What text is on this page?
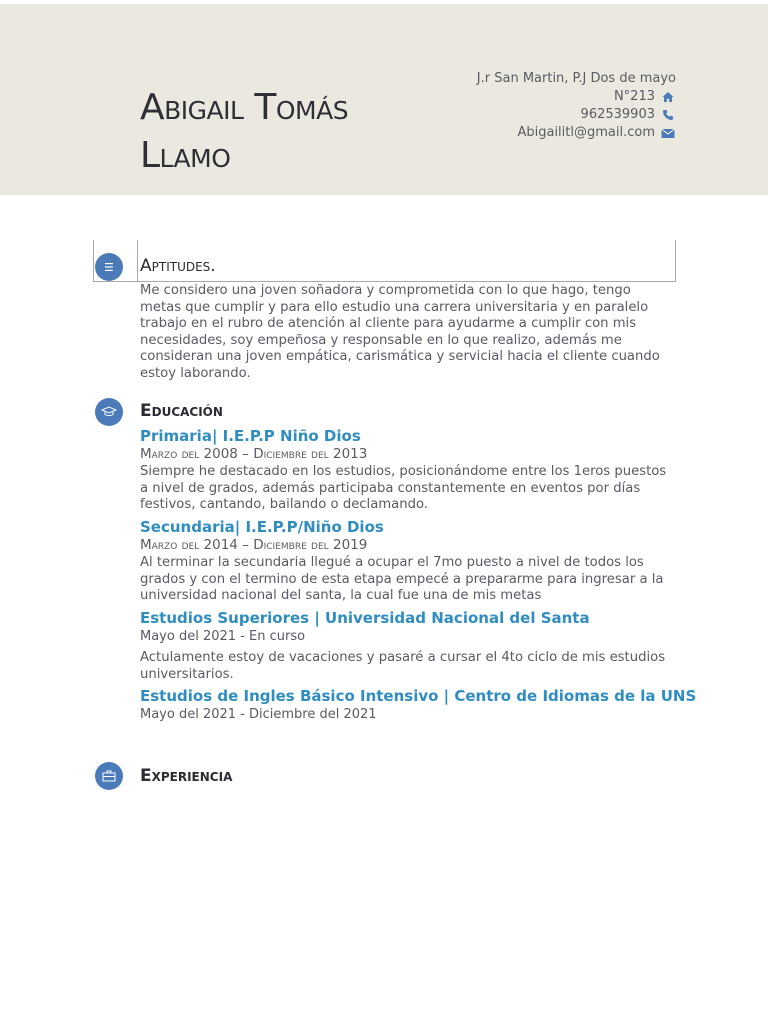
Abigail Tomás
Llamo
J.r San Martin, P.J Dos de mayo
N°213
962539903
Abigailitl@gmail.com
Aptitudes.

Me considero una joven soñadora y comprometida con lo que hago, tengo metas que cumplir y para ello estudio una carrera universitaria y en paralelo trabajo en el rubro de atención al cliente para ayudarme a cumplir con mis necesidades, soy empeñosa y responsable en lo que realizo, además me consideran una joven empática, carismática y servicial hacia el cliente cuando estoy laborando.

Educación
Primaria| I.E.P.P Niño Dios
Marzo del 2008 – Diciembre del 2013

Siempre he destacado en los estudios, posicionándome entre los 1eros puestos a nivel de grados, además participaba constantemente en eventos por días festivos, cantando, bailando o declamando.

Secundaria| I.E.P.P/Niño Dios
Marzo del 2014 – Diciembre del 2019

Al terminar la secundaria llegué a ocupar el 7mo puesto a nivel de todos los grados y con el termino de esta etapa empecé a prepararme para ingresar a la universidad nacional del santa, la cual fue una de mis metas

Estudios Superiores | Universidad Nacional del Santa
Mayo del 2021 - En curso

Actulamente estoy de vacaciones y pasaré a cursar el 4to ciclo de mis estudios universitarios.

Estudios de Ingles Básico Intensivo | Centro de Idiomas de la UNS
Mayo del 2021 - Diciembre del 2021
Experiencia
